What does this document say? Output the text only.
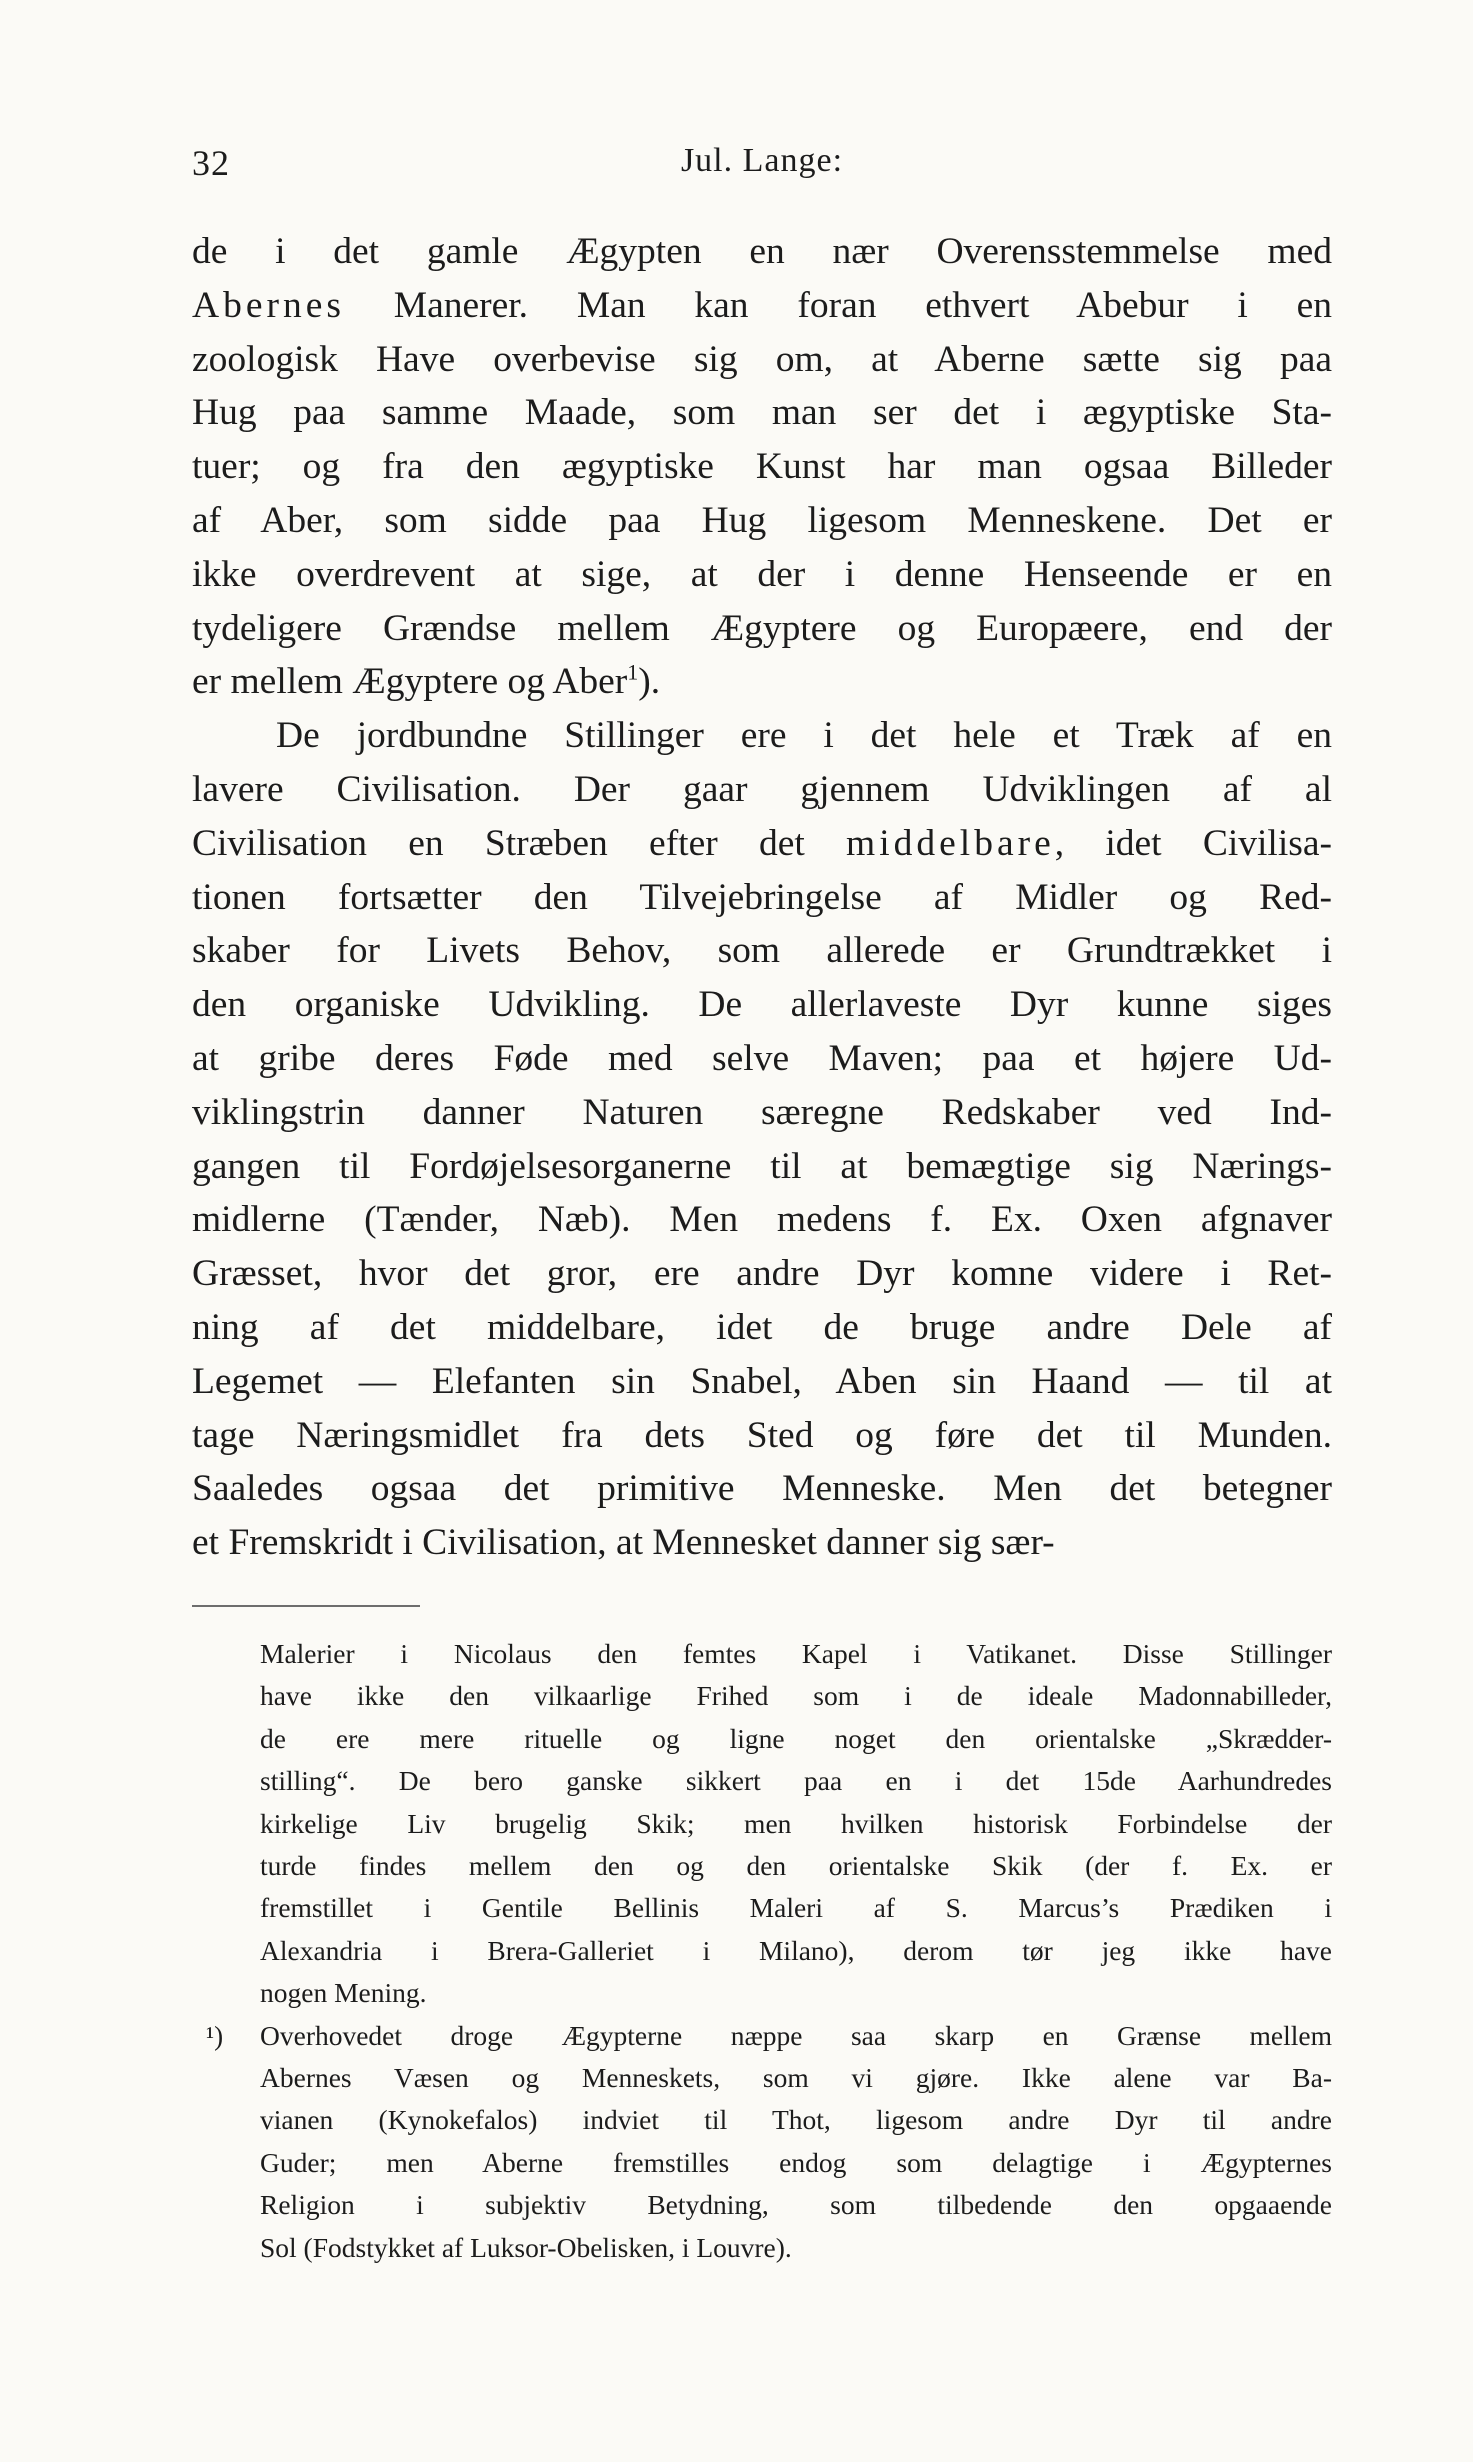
32	Jul. Lange:
de i det gamle Ægypten en nær Overensstemmelse med
Abernes Manerer. Man kan foran ethvert Abebur i en
zoologisk Have overbevise sig om, at Aberne sætte sig paa
Hug paa samme Maade, som man ser det i ægyptiske Sta-
tuer; og fra den ægyptiske Kunst har man ogsaa Billeder
af Aber, som sidde paa Hug ligesom Menneskene. Det er
ikke overdrevent at sige, at der i denne Henseende er en
tydeligere Grændse mellem Ægyptere og Europæere, end der
er mellem Ægyptere og Aber$^1$).
De jordbundne Stillinger ere i det hele et Træk af en
lavere Civilisation. Der gaar gjennem Udviklingen af al
Civilisation en Stræben efter det middelbare, idet Civilisa-
tionen fortsætter den Tilvejebringelse af Midler og Red-
skaber for Livets Behov, som allerede er Grundtrækket i
den organiske Udvikling. De allerlaveste Dyr kunne siges
at gribe deres Føde med selve Maven; paa et højere Ud-
viklingstrin danner Naturen særegne Redskaber ved Ind-
gangen til Fordøjelsesorganerne til at bemægtige sig Nærings-
midlerne (Tænder, Næb). Men medens f. Ex. Oxen afgnaver
Græsset, hvor det gror, ere andre Dyr komne videre i Ret-
ning af det middelbare, idet de bruge andre Dele af
Legemet — Elefanten sin Snabel, Aben sin Haand — til at
tage Næringsmidlet fra dets Sted og føre det til Munden.
Saaledes ogsaa det primitive Menneske. Men det betegner
et Fremskridt i Civilisation, at Mennesket danner sig sær-
Malerier i Nicolaus den femtes Kapel i Vatikanet. Disse Stillinger
have ikke den vilkaarlige Frihed som i de ideale Madonnabilleder,
de ere mere rituelle og ligne noget den orientalske „Skrædder-
stilling“. De bero ganske sikkert paa en i det 15de Aarhundredes
kirkelige Liv brugelig Skik; men hvilken historisk Forbindelse der
turde findes mellem den og den orientalske Skik (der f. Ex. er
fremstillet i Gentile Bellinis Maleri af S. Marcus’s Prædiken i
Alexandria i Brera-Galleriet i Milano), derom tør jeg ikke have
nogen Mening.
¹)	Overhovedet droge Ægypterne næppe saa skarp en Grænse mellem
Abernes Væsen og Menneskets, som vi gjøre. Ikke alene var Ba-
vianen (Kynokefalos) indviet til Thot, ligesom andre Dyr til andre
Guder; men Aberne fremstilles endog som delagtige i Ægypternes
Religion i subjektiv Betydning, som tilbedende den opgaaende
Sol (Fodstykket af Luksor-Obelisken, i Louvre).
